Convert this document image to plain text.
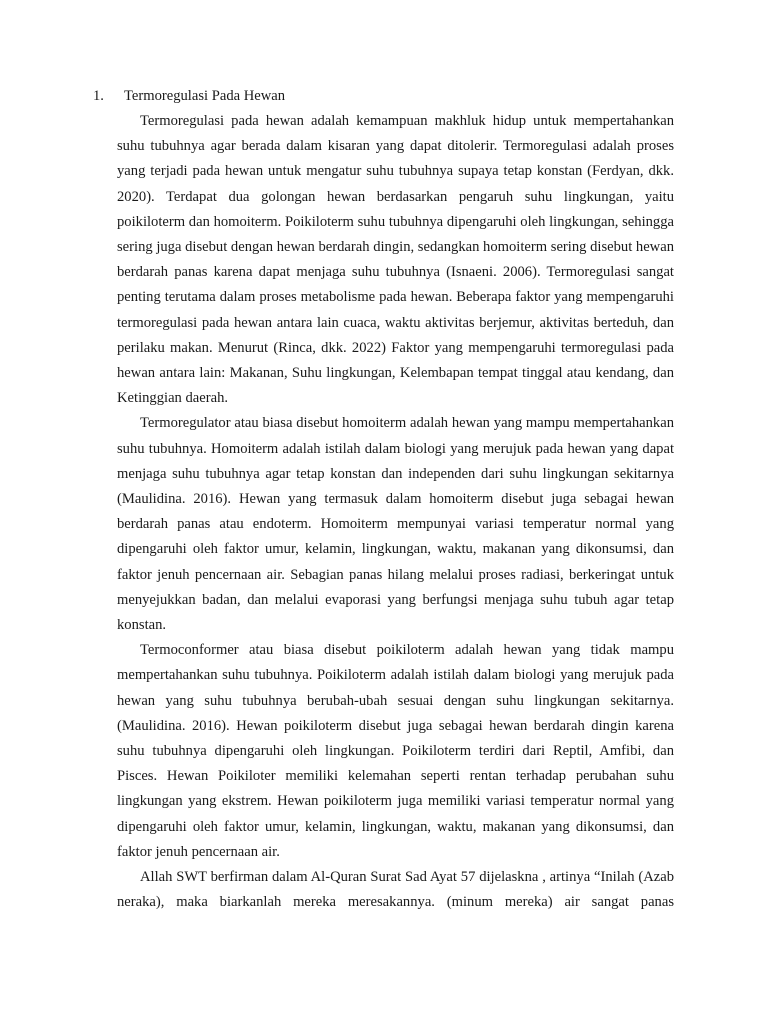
1. Termoregulasi Pada Hewan

Termoregulasi pada hewan adalah kemampuan makhluk hidup untuk mempertahankan suhu tubuhnya agar berada dalam kisaran yang dapat ditolerir. Termoregulasi adalah proses yang terjadi pada hewan untuk mengatur suhu tubuhnya supaya tetap konstan (Ferdyan, dkk. 2020). Terdapat dua golongan hewan berdasarkan pengaruh suhu lingkungan, yaitu poikiloterm dan homoiterm. Poikiloterm suhu tubuhnya dipengaruhi oleh lingkungan, sehingga sering juga disebut dengan hewan berdarah dingin, sedangkan homoiterm sering disebut hewan berdarah panas karena dapat menjaga suhu tubuhnya (Isnaeni. 2006). Termoregulasi sangat penting terutama dalam proses metabolisme pada hewan. Beberapa faktor yang mempengaruhi termoregulasi pada hewan antara lain cuaca, waktu aktivitas berjemur, aktivitas berteduh, dan perilaku makan. Menurut (Rinca, dkk. 2022) Faktor yang mempengaruhi termoregulasi pada hewan antara lain: Makanan, Suhu lingkungan, Kelembapan tempat tinggal atau kendang, dan Ketinggian daerah.

Termoregulator atau biasa disebut homoiterm adalah hewan yang mampu mempertahankan suhu tubuhnya. Homoiterm adalah istilah dalam biologi yang merujuk pada hewan yang dapat menjaga suhu tubuhnya agar tetap konstan dan independen dari suhu lingkungan sekitarnya (Maulidina. 2016). Hewan yang termasuk dalam homoiterm disebut juga sebagai hewan berdarah panas atau endoterm. Homoiterm mempunyai variasi temperatur normal yang dipengaruhi oleh faktor umur, kelamin, lingkungan, waktu, makanan yang dikonsumsi, dan faktor jenuh pencernaan air. Sebagian panas hilang melalui proses radiasi, berkeringat untuk menyejukkan badan, dan melalui evaporasi yang berfungsi menjaga suhu tubuh agar tetap konstan.

Termoconformer atau biasa disebut poikiloterm adalah hewan yang tidak mampu mempertahankan suhu tubuhnya. Poikiloterm adalah istilah dalam biologi yang merujuk pada hewan yang suhu tubuhnya berubah-ubah sesuai dengan suhu lingkungan sekitarnya. (Maulidina. 2016). Hewan poikiloterm disebut juga sebagai hewan berdarah dingin karena suhu tubuhnya dipengaruhi oleh lingkungan. Poikiloterm terdiri dari Reptil, Amfibi, dan Pisces. Hewan Poikiloter memiliki kelemahan seperti rentan terhadap perubahan suhu lingkungan yang ekstrem. Hewan poikiloterm juga memiliki variasi temperatur normal yang dipengaruhi oleh faktor umur, kelamin, lingkungan, waktu, makanan yang dikonsumsi, dan faktor jenuh pencernaan air.

Allah SWT berfirman dalam Al-Quran Surat Sad Ayat 57 dijelaskna , artinya “Inilah (Azab neraka), maka biarkanlah mereka meresakannya. (minum mereka) air sangat panas
